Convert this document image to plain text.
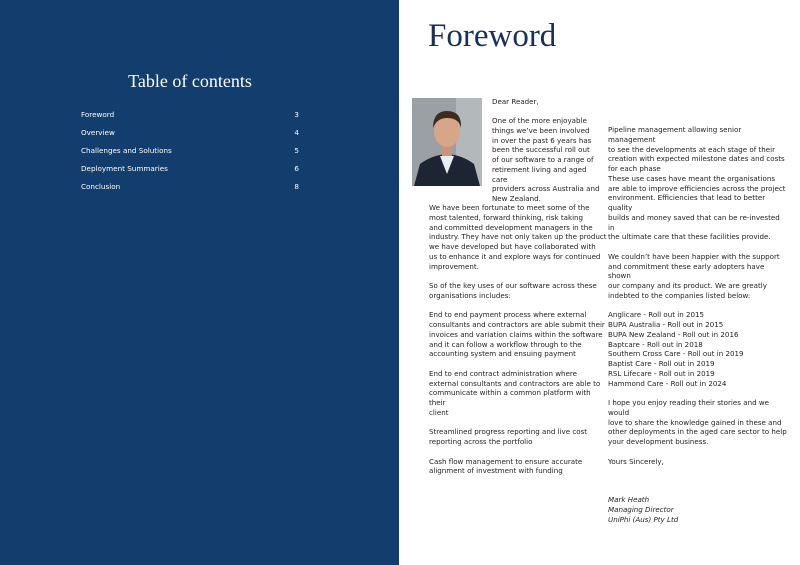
Table of contents
Foreword	3
Overview	4
Challenges and Solutions	5
Deployment Summaries	6
Conclusion	8
Foreword

Dear Reader,

One of the more enjoyable
things we’ve been involved
in over the past 6 years has
been the successful roll out
of our software to a range of
retirement living and aged care
providers across Australia and
New Zealand.

We have been fortunate to meet some of the
most talented, forward thinking, risk taking
and committed development managers in the
industry. They have not only taken up the product
we have developed but have collaborated with
us to enhance it and explore ways for continued
improvement.

So of the key uses of our software across these
organisations includes:

End to end payment process where external
consultants and contractors are able submit their
invoices and variation claims within the software
and it can follow a workflow through to the
accounting system and ensuing payment

End to end contract administration where
external consultants and contractors are able to
communicate within a common platform with their
client

Streamlined progress reporting and live cost
reporting across the portfolio

Cash flow management to ensure accurate
alignment of investment with funding

Pipeline management allowing senior management
to see the developments at each stage of their
creation with expected milestone dates and costs
for each phase
These use cases have meant the organisations
are able to improve efficiencies across the project
environment. Efficiencies that lead to better quality
builds and money saved that can be re-invested in
the ultimate care that these facilities provide.

We couldn’t have been happier with the support
and commitment these early adopters have shown
our company and its product. We are greatly
indebted to the companies listed below:

Anglicare - Roll out in 2015
BUPA Australia - Roll out in 2015
BUPA New Zealand - Roll out in 2016
Baptcare - Roll out in 2018
Southern Cross Care - Roll out in 2019
Baptist Care - Roll out in 2019
RSL Lifecare - Roll out in 2019
Hammond Care - Roll out in 2024

I hope you enjoy reading their stories and we would
love to share the knowledge gained in these and
other deployments in the aged care sector to help
your development business.

Yours Sincerely,

Mark Heath

Managing Director

UniPhi (Aus) Pty Ltd
